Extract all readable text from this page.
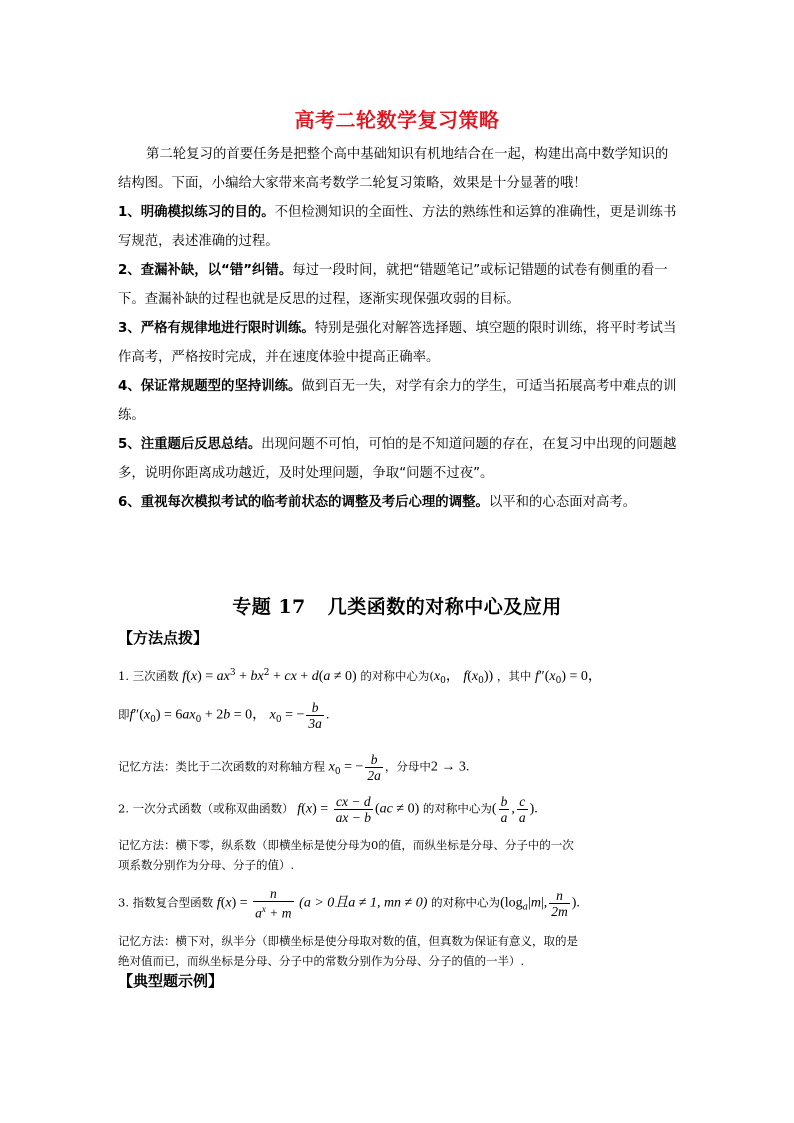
高考二轮数学复习策略
第二轮复习的首要任务是把整个高中基础知识有机地结合在一起，构建出高中数学知识的结构图。下面，小编给大家带来高考数学二轮复习策略，效果是十分显著的哦！
1、明确模拟练习的目的。不但检测知识的全面性、方法的熟练性和运算的准确性，更是训练书写规范，表述准确的过程。
2、查漏补缺，以“错”纠错。每过一段时间，就把“错题笔记”或标记错题的试卷有侧重的看一下。查漏补缺的过程也就是反思的过程，逐渐实现保强攻弱的目标。
3、严格有规律地进行限时训练。特别是强化对解答选择题、填空题的限时训练，将平时考试当作高考，严格按时完成，并在速度体验中提高正确率。
4、保证常规题型的坚持训练。做到百无一失，对学有余力的学生，可适当拓展高考中难点的训练。
5、注重题后反思总结。出现问题不可怕，可怕的是不知道问题的存在，在复习中出现的问题越多，说明你距离成功越近，及时处理问题，争取“问题不过夜”。
6、重视每次模拟考试的临考前状态的调整及考后心理的调整。以平和的心态面对高考。
专题 17 几类函数的对称中心及应用
【方法点拨】
1. 三次函数 $f(x) = ax^3 + bx^2$ + cx + d(a ≠ 0) 的对称中心为($x_0$， $f(x_0)$) ，其中 $f''(x_0) = 0$，
即$f''(x_0) = 6ax_0 + 2b = 0$， $x_0$ = − $\frac{b}{3a}$ .
记忆方法：类比于二次函数的对称轴方程 $x_0$ = − $\frac{b}{2a}$ ，分母中2 → 3.
2. 一次分式函数（或称双曲函数） $f(x) = \frac{cx - d}{ax - b} (ac \ne 0)$ 的对称中心为( $\frac{b}{a}$ , $\frac{c}{a}$ ).
记忆方法：横下零，纵系数（即横坐标是使分母为0的值，而纵坐标是分母、分子中的一次
项系数分别作为分母、分子的值）.
3. 指数复合型函数 $f(x) = \frac{n}{a^x + m} (a > 0$且a ≠ 1, mn ≠ 0) 的对称中心为($\log_a|m|$, $\frac{n}{2m}$ ).
记忆方法：横下对，纵半分（即横坐标是使分母取对数的值，但真数为保证有意义，取的是
绝对值而已，而纵坐标是分母、分子中的常数分别作为分母、分子的值的一半）.
【典型题示例】
